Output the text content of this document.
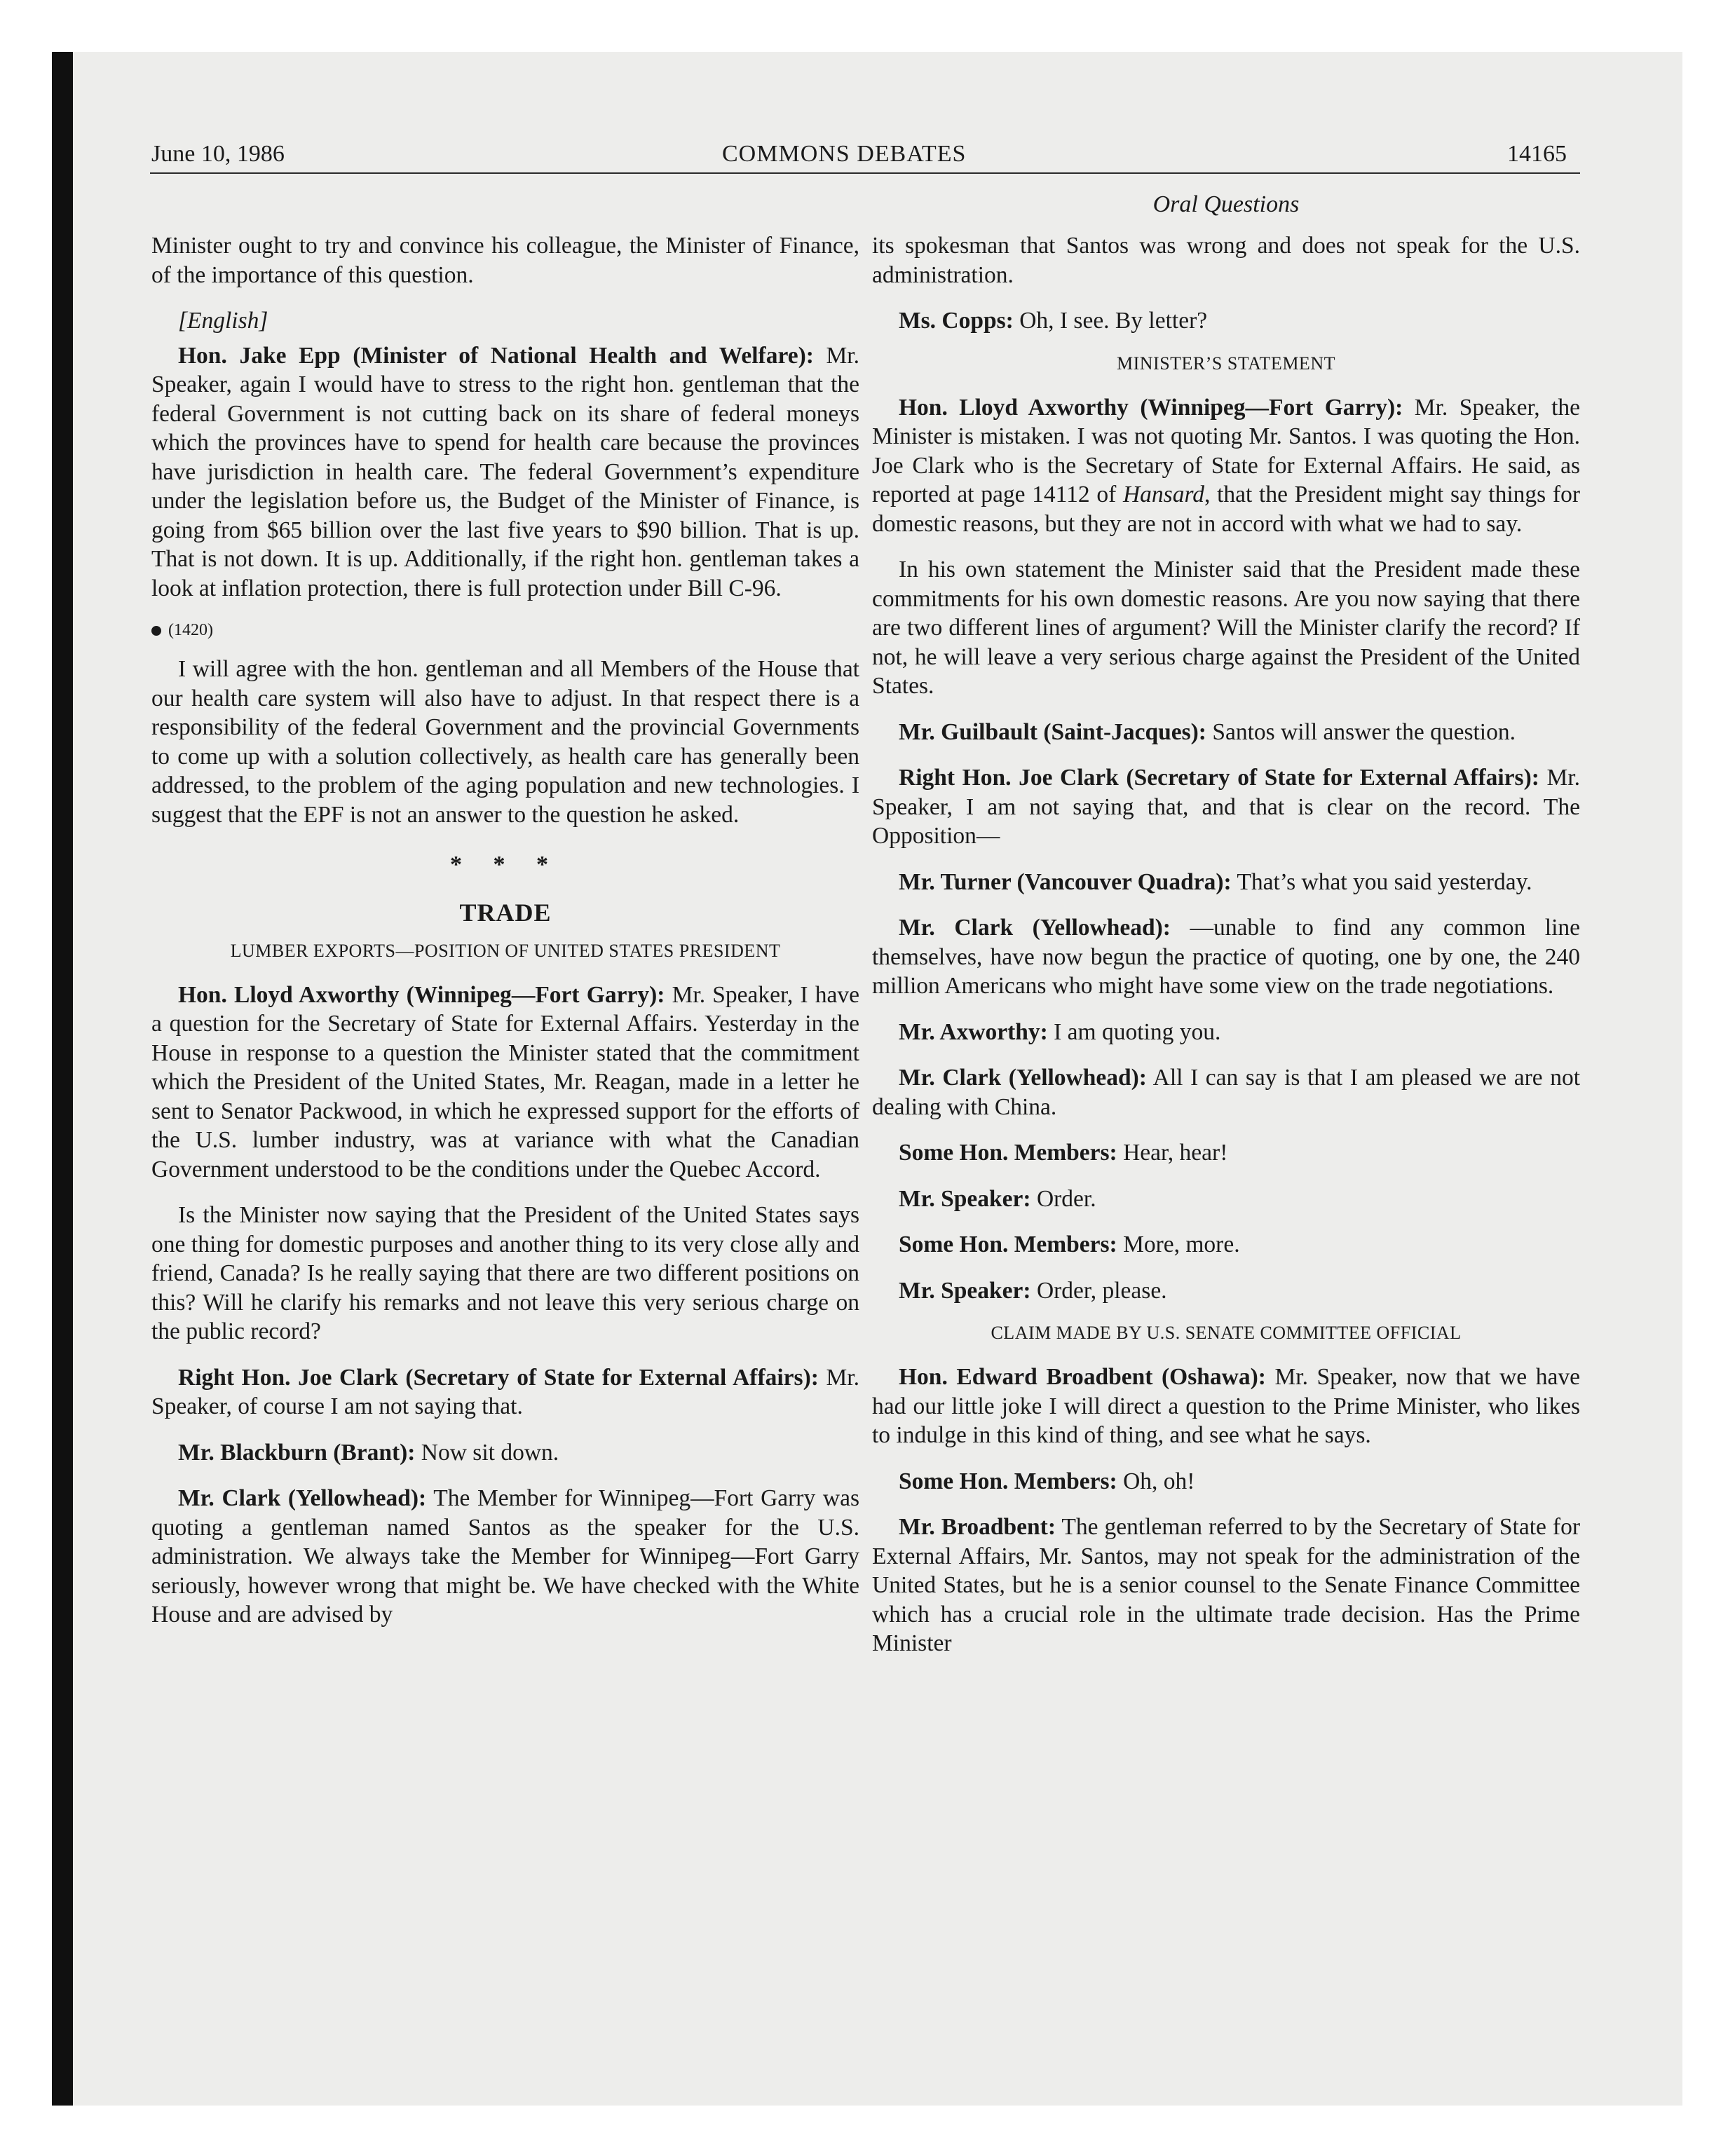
June 10, 1986	COMMONS DEBATES	14165
Oral Questions

Minister ought to try and convince his colleague, the Minister of Finance, of the importance of this question.

[English]

Hon. Jake Epp (Minister of National Health and Welfare): Mr. Speaker, again I would have to stress to the right hon. gentleman that the federal Government is not cutting back on its share of federal moneys which the provinces have to spend for health care because the provinces have jurisdiction in health care. The federal Government’s expenditure under the legislation before us, the Budget of the Minister of Finance, is going from $65 billion over the last five years to $90 billion. That is up. That is not down. It is up. Additionally, if the right hon. gentleman takes a look at inflation protection, there is full protection under Bill C-96.

(1420)

I will agree with the hon. gentleman and all Members of the House that our health care system will also have to adjust. In that respect there is a responsibility of the federal Government and the provincial Governments to come up with a solution collectively, as health care has generally been addressed, to the problem of the aging population and new technologies. I suggest that the EPF is not an answer to the question he asked.

* * *
TRADE
LUMBER EXPORTS—POSITION OF UNITED STATES PRESIDENT

Hon. Lloyd Axworthy (Winnipeg—Fort Garry): Mr. Speaker, I have a question for the Secretary of State for External Affairs. Yesterday in the House in response to a question the Minister stated that the commitment which the President of the United States, Mr. Reagan, made in a letter he sent to Senator Packwood, in which he expressed support for the efforts of the U.S. lumber industry, was at variance with what the Canadian Government understood to be the conditions under the Quebec Accord.

Is the Minister now saying that the President of the United States says one thing for domestic purposes and another thing to its very close ally and friend, Canada? Is he really saying that there are two different positions on this? Will he clarify his remarks and not leave this very serious charge on the public record?

Right Hon. Joe Clark (Secretary of State for External Affairs): Mr. Speaker, of course I am not saying that.

Mr. Blackburn (Brant): Now sit down.

Mr. Clark (Yellowhead): The Member for Winnipeg—Fort Garry was quoting a gentleman named Santos as the speaker for the U.S. administration. We always take the Member for Winnipeg—Fort Garry seriously, however wrong that might be. We have checked with the White House and are advised by

its spokesman that Santos was wrong and does not speak for the U.S. administration.

Ms. Copps: Oh, I see. By letter?

MINISTER’S STATEMENT

Hon. Lloyd Axworthy (Winnipeg—Fort Garry): Mr. Speaker, the Minister is mistaken. I was not quoting Mr. Santos. I was quoting the Hon. Joe Clark who is the Secretary of State for External Affairs. He said, as reported at page 14112 of Hansard, that the President might say things for domestic reasons, but they are not in accord with what we had to say.

In his own statement the Minister said that the President made these commitments for his own domestic reasons. Are you now saying that there are two different lines of argument? Will the Minister clarify the record? If not, he will leave a very serious charge against the President of the United States.

Mr. Guilbault (Saint-Jacques): Santos will answer the question.

Right Hon. Joe Clark (Secretary of State for External Affairs): Mr. Speaker, I am not saying that, and that is clear on the record. The Opposition—

Mr. Turner (Vancouver Quadra): That’s what you said yesterday.

Mr. Clark (Yellowhead): —unable to find any common line themselves, have now begun the practice of quoting, one by one, the 240 million Americans who might have some view on the trade negotiations.

Mr. Axworthy: I am quoting you.

Mr. Clark (Yellowhead): All I can say is that I am pleased we are not dealing with China.

Some Hon. Members: Hear, hear!

Mr. Speaker: Order.

Some Hon. Members: More, more.

Mr. Speaker: Order, please.

CLAIM MADE BY U.S. SENATE COMMITTEE OFFICIAL

Hon. Edward Broadbent (Oshawa): Mr. Speaker, now that we have had our little joke I will direct a question to the Prime Minister, who likes to indulge in this kind of thing, and see what he says.

Some Hon. Members: Oh, oh!

Mr. Broadbent: The gentleman referred to by the Secretary of State for External Affairs, Mr. Santos, may not speak for the administration of the United States, but he is a senior counsel to the Senate Finance Committee which has a crucial role in the ultimate trade decision. Has the Prime Minister
